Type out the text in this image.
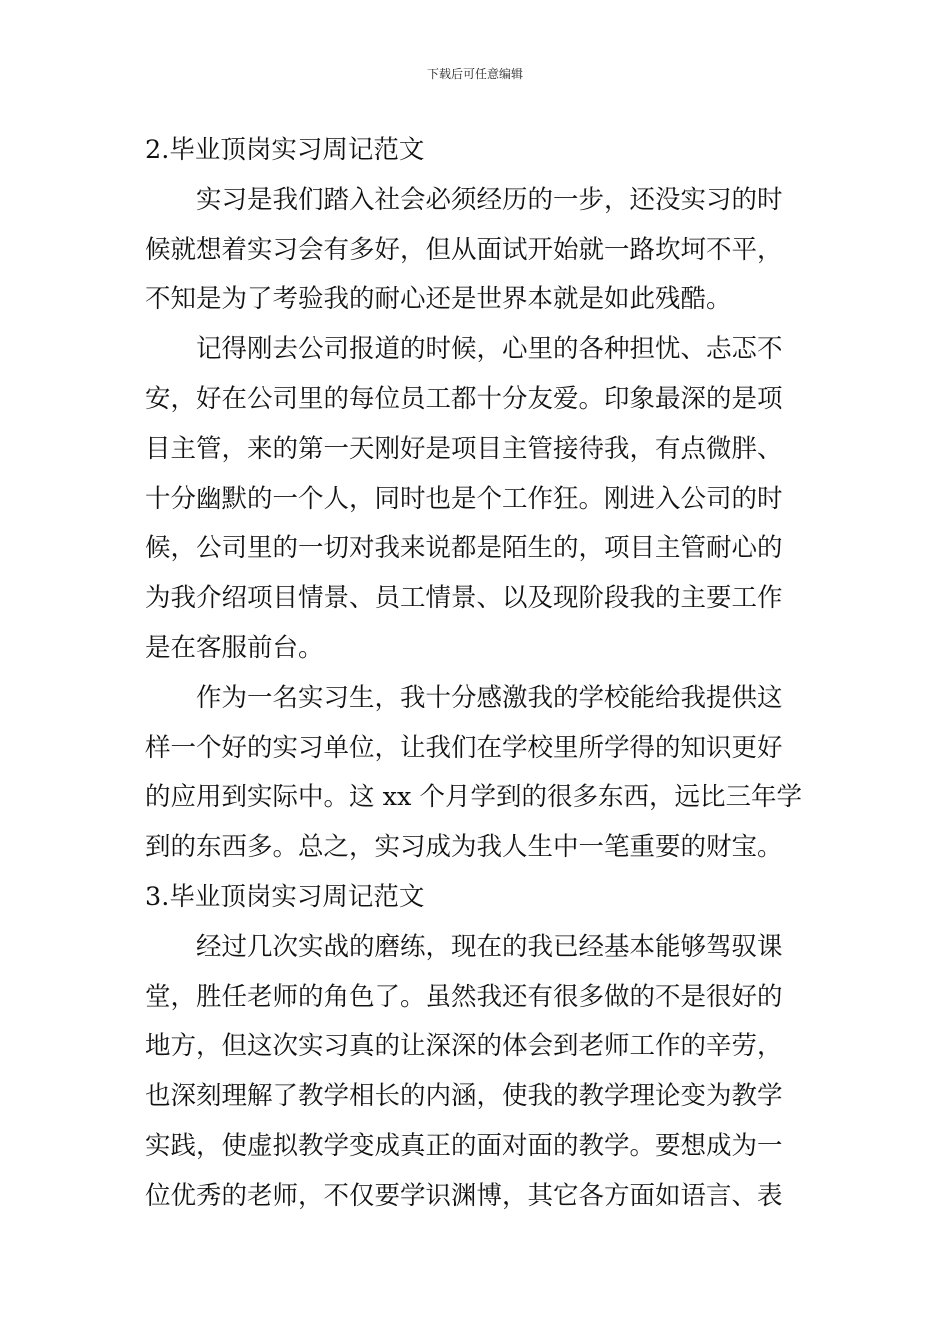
下载后可任意编辑
2.毕业顶岗实习周记范文
实习是我们踏入社会必须经历的一步，还没实习的时
候就想着实习会有多好，但从面试开始就一路坎坷不平，
不知是为了考验我的耐心还是世界本就是如此残酷。
记得刚去公司报道的时候，心里的各种担忧、忐忑不
安，好在公司里的每位员工都十分友爱。印象最深的是项
目主管，来的第一天刚好是项目主管接待我，有点微胖、
十分幽默的一个人，同时也是个工作狂。刚进入公司的时
候，公司里的一切对我来说都是陌生的，项目主管耐心的
为我介绍项目情景、员工情景、以及现阶段我的主要工作
是在客服前台。
作为一名实习生，我十分感激我的学校能给我提供这
样一个好的实习单位，让我们在学校里所学得的知识更好
的应用到实际中。这 xx 个月学到的很多东西，远比三年学
到的东西多。总之，实习成为我人生中一笔重要的财宝。
3.毕业顶岗实习周记范文
经过几次实战的磨练，现在的我已经基本能够驾驭课
堂，胜任老师的角色了。虽然我还有很多做的不是很好的
地方，但这次实习真的让深深的体会到老师工作的辛劳，
也深刻理解了教学相长的内涵，使我的教学理论变为教学
实践，使虚拟教学变成真正的面对面的教学。要想成为一
位优秀的老师，不仅要学识渊博，其它各方面如语言、表
